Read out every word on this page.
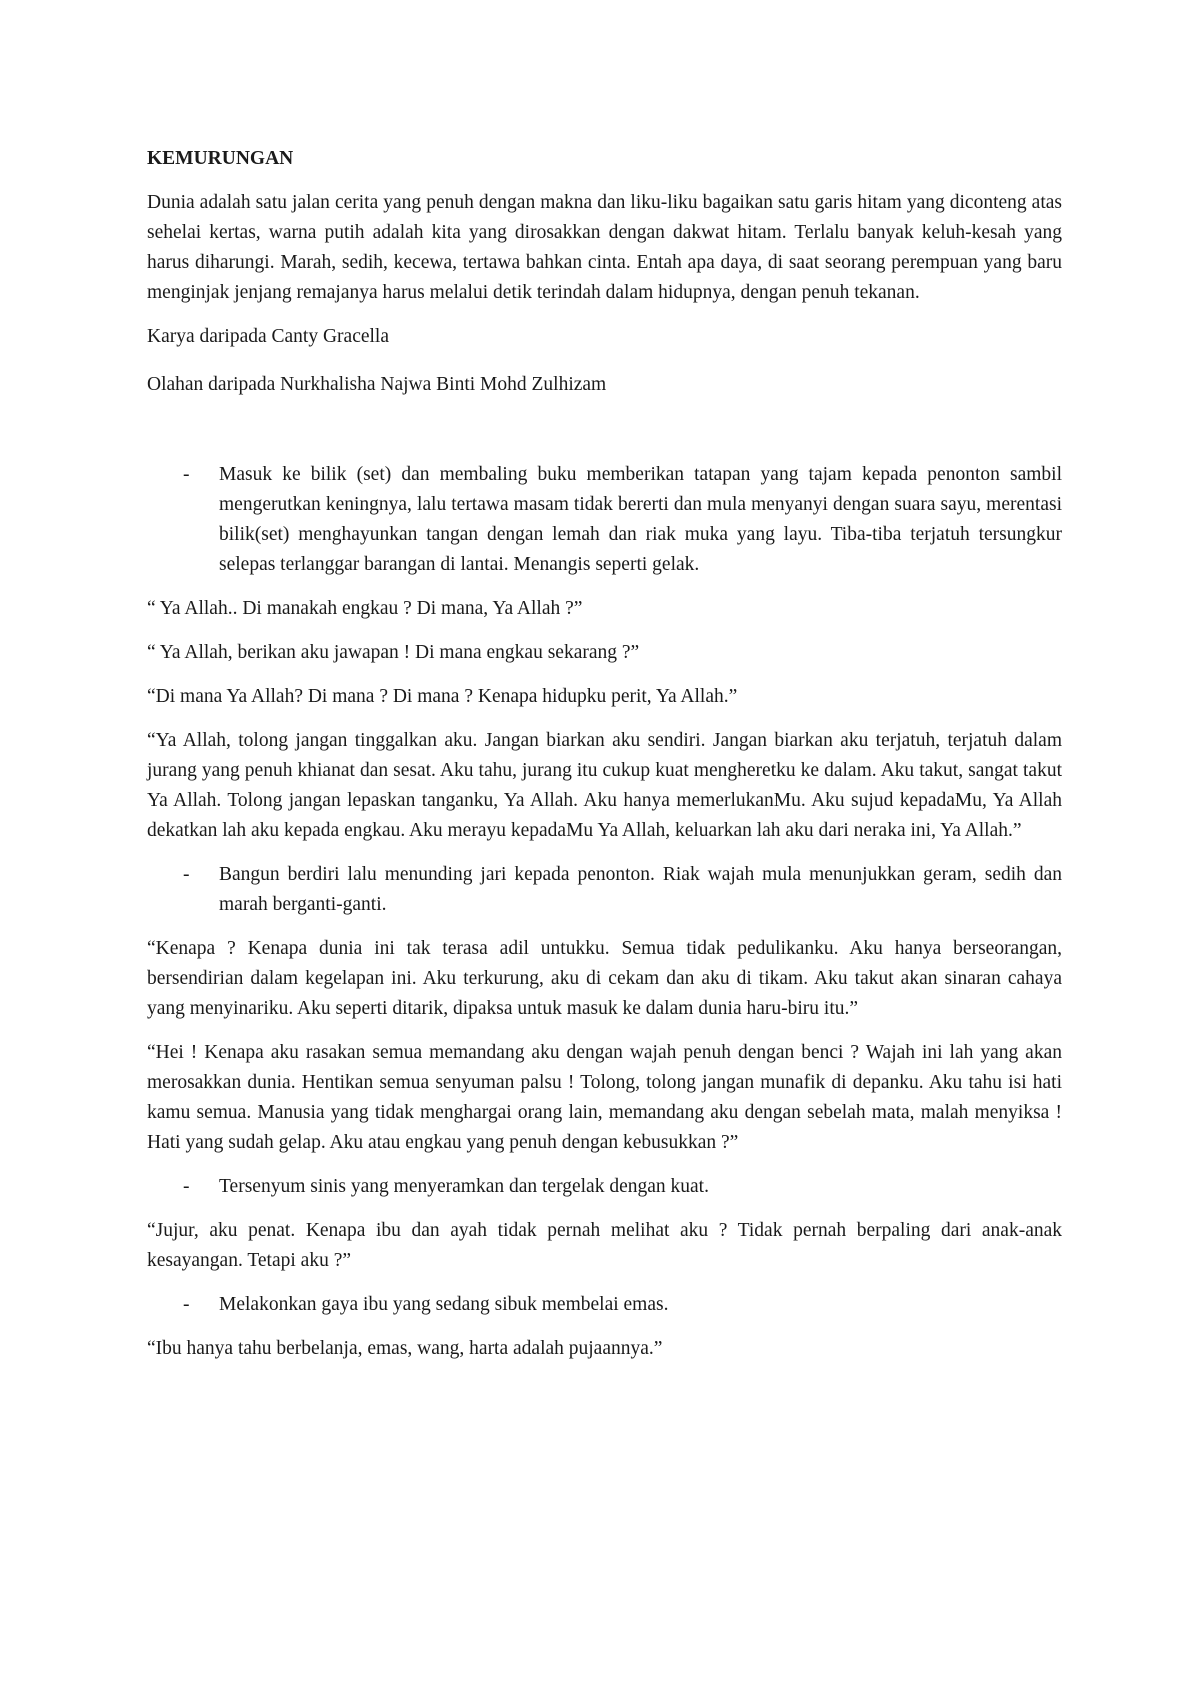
KEMURUNGAN

Dunia adalah satu jalan cerita yang penuh dengan makna dan liku-liku bagaikan satu garis hitam yang diconteng atas sehelai kertas, warna putih adalah kita yang dirosakkan dengan dakwat hitam. Terlalu banyak keluh-kesah yang harus diharungi. Marah, sedih, kecewa, tertawa bahkan cinta. Entah apa daya, di saat seorang perempuan yang baru menginjak jenjang remajanya harus melalui detik terindah dalam hidupnya, dengan penuh tekanan.

Karya daripada Canty Gracella
Olahan daripada Nurkhalisha Najwa Binti Mohd Zulhizam
- Masuk ke bilik (set) dan membaling buku memberikan tatapan yang tajam kepada penonton sambil mengerutkan keningnya, lalu tertawa masam tidak bererti dan mula menyanyi dengan suara sayu, merentasi bilik(set) menghayunkan tangan dengan lemah dan riak muka yang layu. Tiba-tiba terjatuh tersungkur selepas terlanggar barangan di lantai. Menangis seperti gelak.
“ Ya Allah.. Di manakah engkau ? Di mana, Ya Allah ?”
“ Ya Allah, berikan aku jawapan ! Di mana engkau sekarang ?”
“Di mana Ya Allah? Di mana ? Di mana ? Kenapa hidupku perit, Ya Allah.”
“Ya Allah, tolong jangan tinggalkan aku. Jangan biarkan aku sendiri. Jangan biarkan aku terjatuh, terjatuh dalam jurang yang penuh khianat dan sesat. Aku tahu, jurang itu cukup kuat mengheretku ke dalam. Aku takut, sangat takut Ya Allah. Tolong jangan lepaskan tanganku, Ya Allah. Aku hanya memerlukanMu. Aku sujud kepadaMu, Ya Allah dekatkan lah aku kepada engkau. Aku merayu kepadaMu Ya Allah, keluarkan lah aku dari neraka ini, Ya Allah.”
- Bangun berdiri lalu menunding jari kepada penonton. Riak wajah mula menunjukkan geram, sedih dan marah berganti-ganti.
“Kenapa ? Kenapa dunia ini tak terasa adil untukku. Semua tidak pedulikanku. Aku hanya berseorangan, bersendirian dalam kegelapan ini. Aku terkurung, aku di cekam dan aku di tikam. Aku takut akan sinaran cahaya yang menyinariku. Aku seperti ditarik, dipaksa untuk masuk ke dalam dunia haru-biru itu.”
“Hei ! Kenapa aku rasakan semua memandang aku dengan wajah penuh dengan benci ? Wajah ini lah yang akan merosakkan dunia. Hentikan semua senyuman palsu ! Tolong, tolong jangan munafik di depanku. Aku tahu isi hati kamu semua. Manusia yang tidak menghargai orang lain, memandang aku dengan sebelah mata, malah menyiksa ! Hati yang sudah gelap. Aku atau engkau yang penuh dengan kebusukkan ?”
- Tersenyum sinis yang menyeramkan dan tergelak dengan kuat.
“Jujur, aku penat. Kenapa ibu dan ayah tidak pernah melihat aku ? Tidak pernah berpaling dari anak-anak kesayangan. Tetapi aku ?”
- Melakonkan gaya ibu yang sedang sibuk membelai emas.
“Ibu hanya tahu berbelanja, emas, wang, harta adalah pujaannya.”
